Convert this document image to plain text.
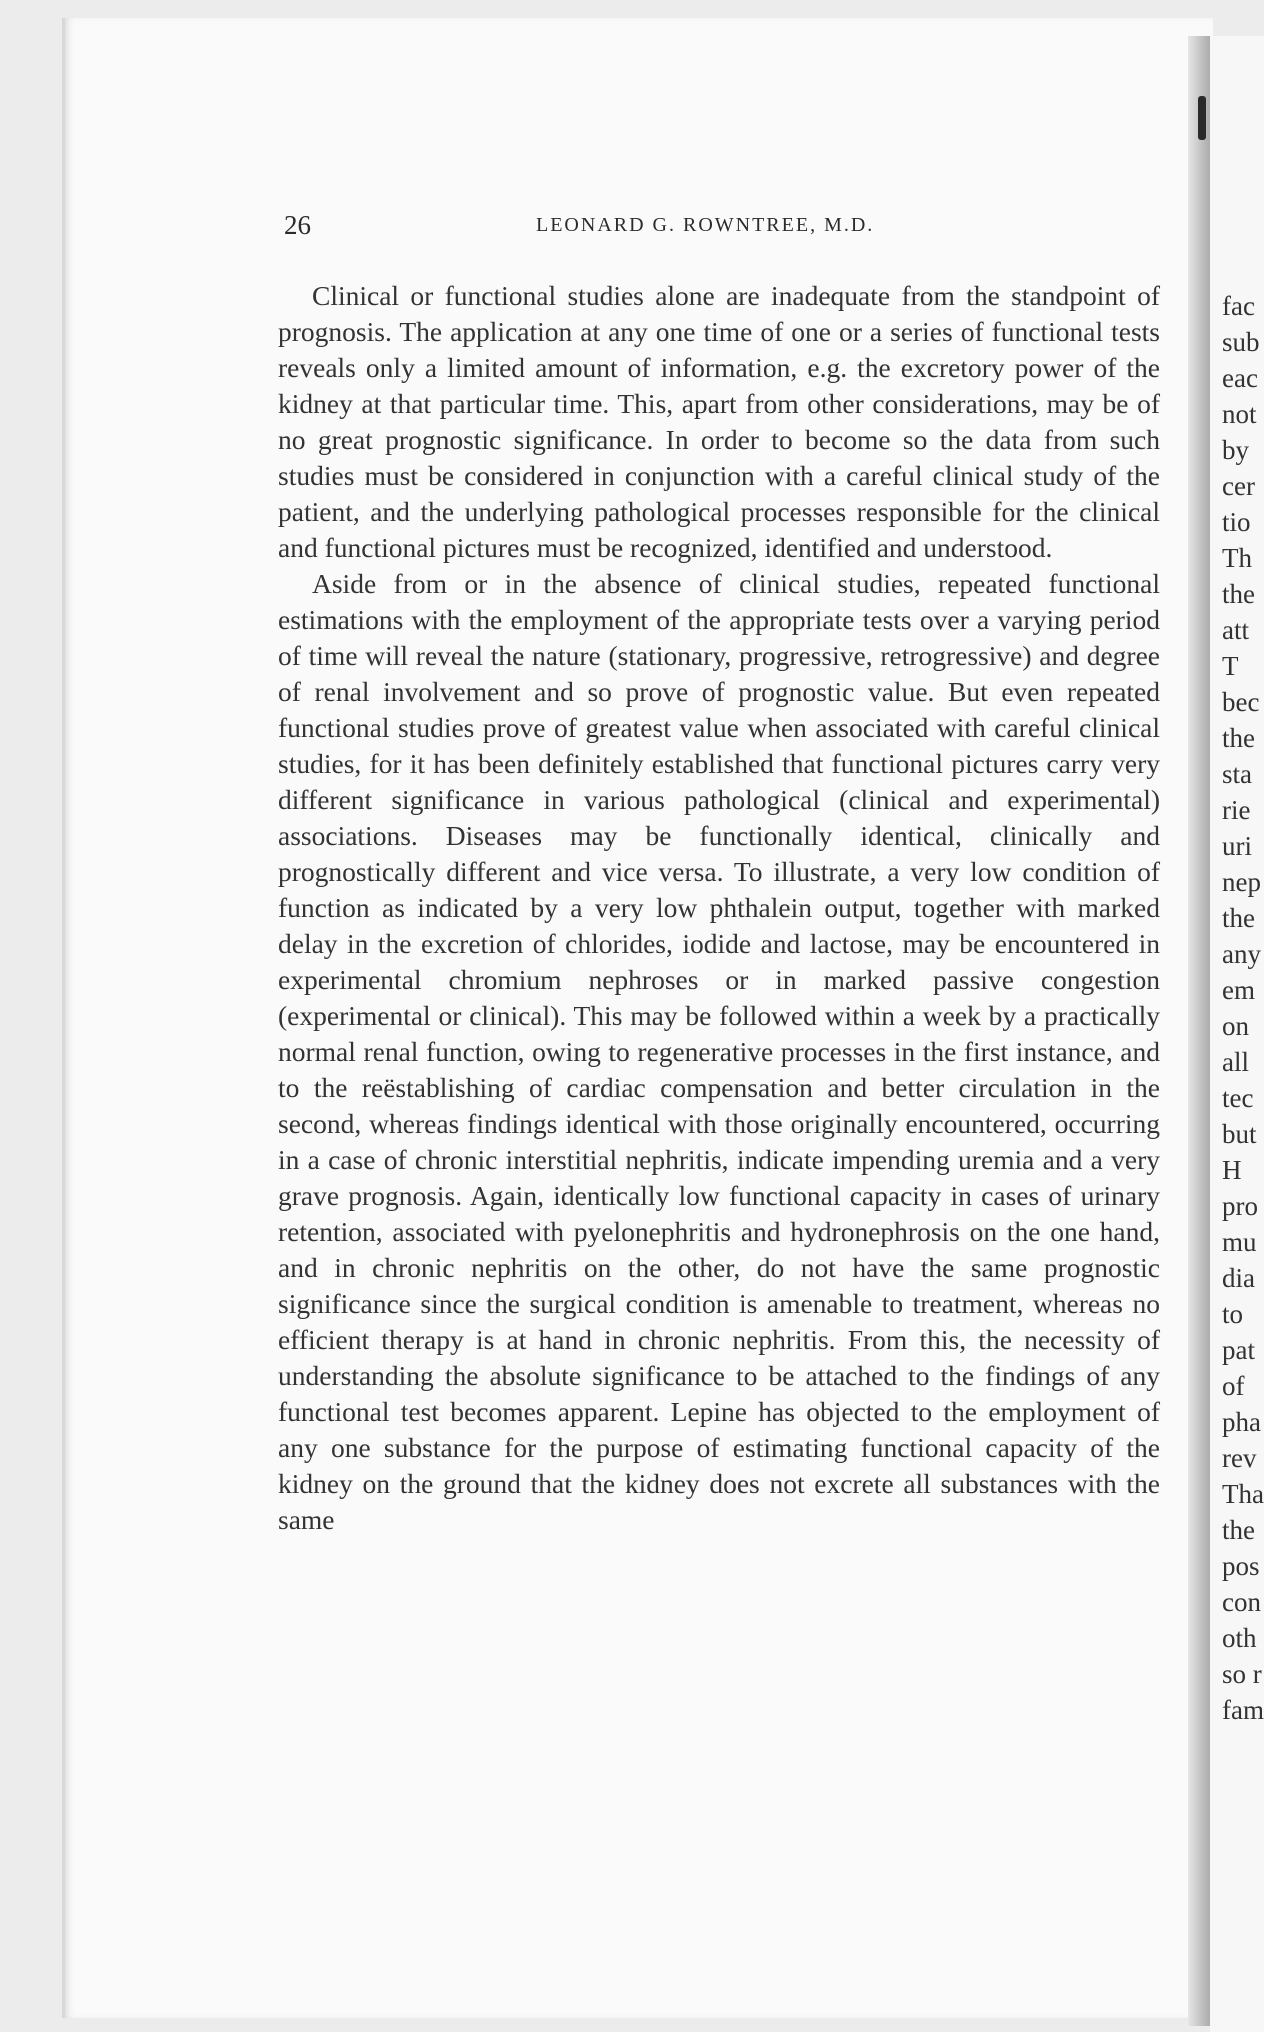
26	LEONARD G. ROWNTREE, M.D.

Clinical or functional studies alone are inadequate from the standpoint of prognosis. The application at any one time of one or a series of functional tests reveals only a limited amount of information, e.g. the excretory power of the kidney at that particular time. This, apart from other considerations, may be of no great prognostic significance. In order to become so the data from such studies must be considered in conjunction with a careful clinical study of the patient, and the underlying pathological processes responsible for the clinical and functional pictures must be recognized, identified and understood.

Aside from or in the absence of clinical studies, repeated functional estimations with the employment of the appropriate tests over a varying period of time will reveal the nature (stationary, progressive, retrogressive) and degree of renal involvement and so prove of prognostic value. But even repeated functional studies prove of greatest value when associated with careful clinical studies, for it has been definitely established that functional pictures carry very different significance in various pathological (clinical and experimental) associations. Diseases may be functionally identical, clinically and prognostically different and vice versa. To illustrate, a very low condition of function as indicated by a very low phthalein output, together with marked delay in the excretion of chlorides, iodide and lactose, may be encountered in experimental chromium nephroses or in marked passive congestion (experimental or clinical). This may be followed within a week by a practically normal renal function, owing to regenerative processes in the first instance, and to the reëstablishing of cardiac compensation and better circulation in the second, whereas findings identical with those originally encountered, occurring in a case of chronic interstitial nephritis, indicate impending uremia and a very grave prognosis. Again, identically low functional capacity in cases of urinary retention, associated with pyelonephritis and hydronephrosis on the one hand, and in chronic nephritis on the other, do not have the same prognostic significance since the surgical condition is amenable to treatment, whereas no efficient therapy is at hand in chronic nephritis. From this, the necessity of understanding the absolute significance to be attached to the findings of any functional test becomes apparent. Lepine has objected to the employment of any one substance for the purpose of estimating functional capacity of the kidney on the ground that the kidney does not excrete all substances with the same

fac
sub
eac
not
by
cer
tio
Th
the
att
T
bec
the
sta
rie
uri
nep
the
any
em
on
all
tec
but
H
pro
mu
dia
to
pat
of
pha
rev
Tha
the
pos
con
oth
so r
fam
